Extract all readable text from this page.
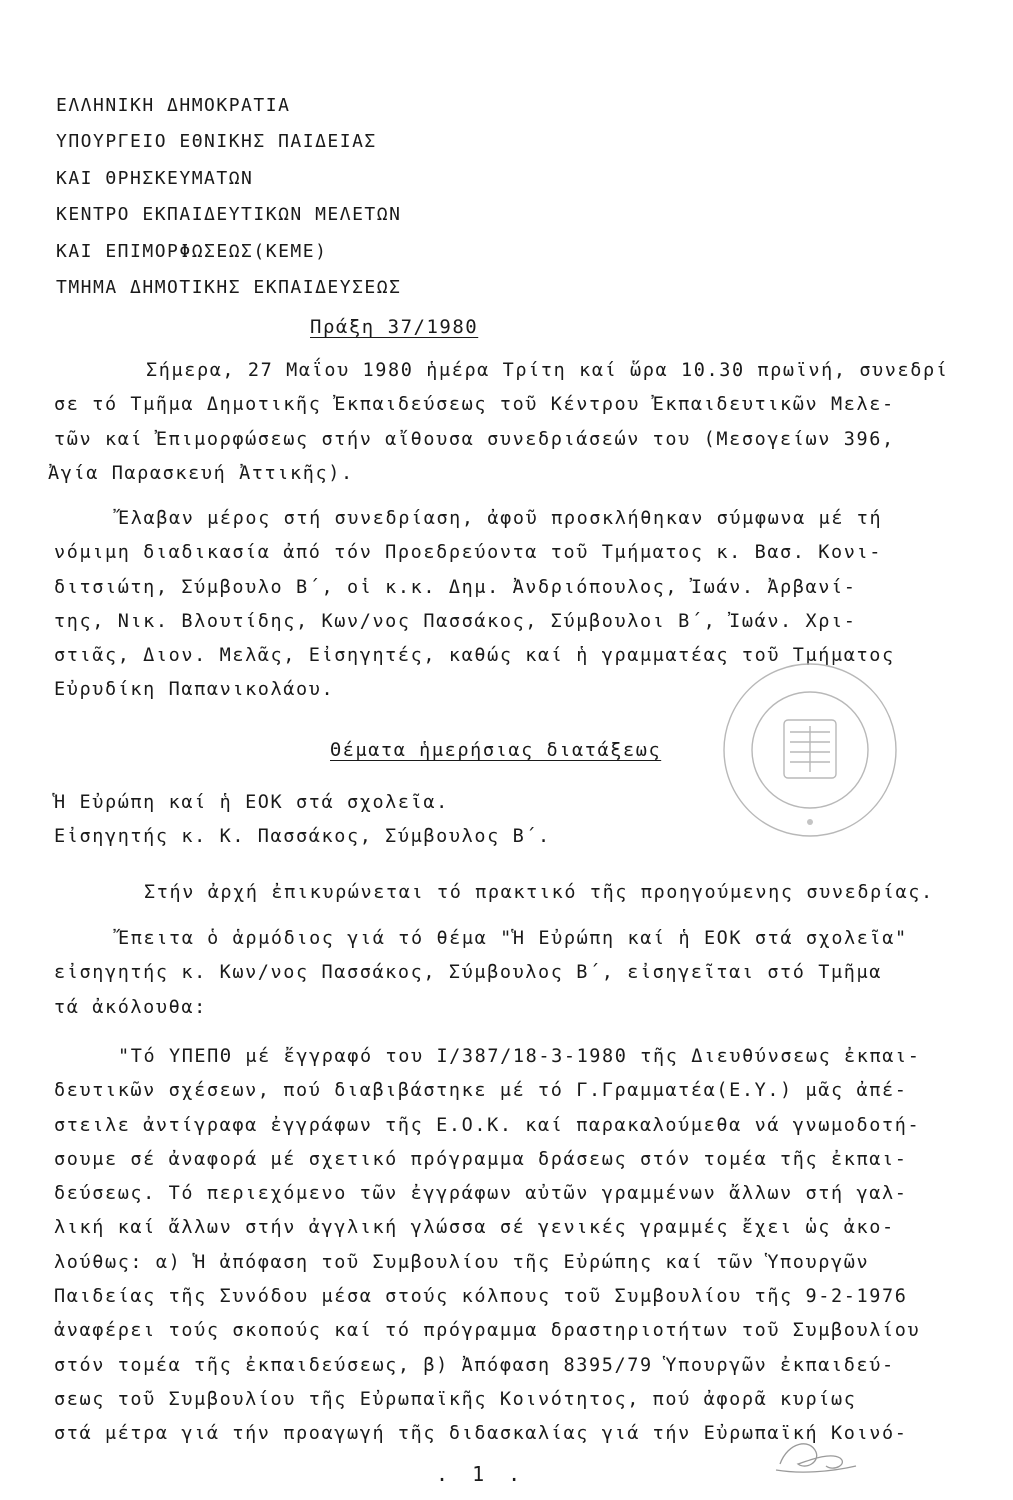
ΕΛΛΗΝΙΚΗ ΔΗΜΟΚΡΑΤΙΑ
ΥΠΟΥΡΓΕΙΟ ΕΘΝΙΚΗΣ ΠΑΙΔΕΙΑΣ
ΚΑΙ ΘΡΗΣΚΕΥΜΑΤΩΝ
ΚΕΝΤΡΟ ΕΚΠΑΙΔΕΥΤΙΚΩΝ ΜΕΛΕΤΩΝ
ΚΑΙ ΕΠΙΜΟΡΦΩΣΕΩΣ(ΚΕΜΕ)
ΤΜΗΜΑ ΔΗΜΟΤΙΚΗΣ ΕΚΠΑΙΔΕΥΣΕΩΣ
Πράξη 37/1980
Σήμερα, 27 Μαΐου 1980 ἡμέρα Τρίτη καί ὥρα 10.30 πρωϊνή, συνεδρί
σε τό Τμῆμα Δημοτικῆς Ἐκπαιδεύσεως τοῦ Κέντρου Ἐκπαιδευτικῶν Μελε-
τῶν καί Ἐπιμορφώσεως στήν αἴθουσα συνεδριάσεών του (Μεσογείων 396,
Ἀγία Παρασκευή Ἀττικῆς).
Ἔλαβαν μέρος στή συνεδρίαση, ἀφοῦ προσκλήθηκαν σύμφωνα μέ τή
νόμιμη διαδικασία ἀπό τόν Προεδρεύοντα τοῦ Τμήματος κ. Βασ. Κονι-
διτσιώτη, Σύμβουλο Β΄, οἱ κ.κ. Δημ. Ἀνδριόπουλος, Ἰωάν. Ἀρβανί-
της, Νικ. Βλουτίδης, Κων/νος Πασσάκος, Σύμβουλοι Β΄, Ἰωάν. Χρι-
στιᾶς, Διον. Μελᾶς, Εἰσηγητές, καθώς καί ἡ γραμματέας τοῦ Τμήματος
Εὐρυδίκη Παπανικολάου.
Θέματα ἡμερήσιας διατάξεως
Ἡ Εὐρώπη καί ἡ ΕΟΚ στά σχολεῖα.
Εἰσηγητής κ. Κ. Πασσάκος, Σύμβουλος Β΄.
Στήν ἀρχή ἐπικυρώνεται τό πρακτικό τῆς προηγούμενης συνεδρίας.
Ἔπειτα ὁ ἁρμόδιος γιά τό θέμα "Ἡ Εὐρώπη καί ἡ ΕΟΚ στά σχολεῖα"
εἰσηγητής κ. Κων/νος Πασσάκος, Σύμβουλος Β΄, εἰσηγεῖται στό Τμῆμα
τά ἀκόλουθα:
"Τό ΥΠΕΠΘ μέ ἔγγραφό του Ι/387/18-3-1980 τῆς Διευθύνσεως ἐκπαι-
δευτικῶν σχέσεων, πού διαβιβάστηκε μέ τό Γ.Γραμματέα(Ε.Υ.) μᾶς ἀπέ-
στειλε ἀντίγραφα ἐγγράφων τῆς Ε.Ο.Κ. καί παρακαλούμεθα νά γνωμοδοτή-
σουμε σέ ἀναφορά μέ σχετικό πρόγραμμα δράσεως στόν τομέα τῆς ἐκπαι-
δεύσεως. Τό περιεχόμενο τῶν ἐγγράφων αὐτῶν γραμμένων ἄλλων στή γαλ-
λική καί ἄλλων στήν ἀγγλική γλώσσα σέ γενικές γραμμές ἔχει ὡς ἀκο-
λούθως: α) Ἡ ἀπόφαση τοῦ Συμβουλίου τῆς Εὐρώπης καί τῶν Ὑπουργῶν
Παιδείας τῆς Συνόδου μέσα στούς κόλπους τοῦ Συμβουλίου τῆς 9-2-1976
ἀναφέρει τούς σκοπούς καί τό πρόγραμμα δραστηριοτήτων τοῦ Συμβουλίου
στόν τομέα τῆς ἐκπαιδεύσεως, β) Ἀπόφαση 8395/79 Ὑπουργῶν ἐκπαιδεύ-
σεως τοῦ Συμβουλίου τῆς Εὐρωπαϊκῆς Κοινότητος, πού ἀφορᾶ κυρίως
στά μέτρα γιά τήν προαγωγή τῆς διδασκαλίας γιά τήν Εὐρωπαϊκή Κοινό-
. 1 .
